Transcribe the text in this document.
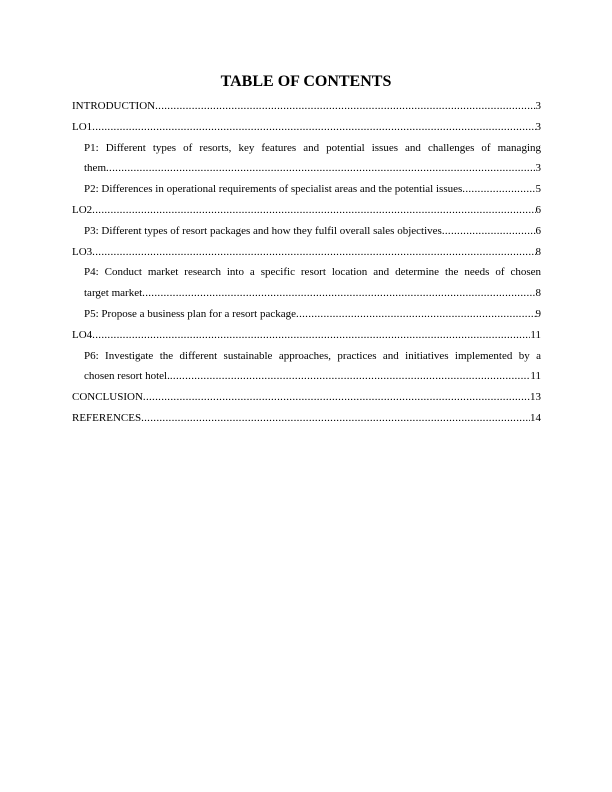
TABLE OF CONTENTS
INTRODUCTION .....	3
LO1 .....	3
P1: Different types of resorts, key features and potential issues and challenges of managing
them .....	3
P2: Differences in operational requirements of specialist areas and the potential issues .....	5
LO2 .....	6
P3: Different types of resort packages and how they fulfil overall sales objectives .....	6
LO3 .....	8
P4: Conduct market research into a specific resort location and determine the needs of chosen
target market .....	8
P5: Propose a business plan for a resort package .....	9
LO4 .....	11
P6: Investigate the different sustainable approaches, practices and initiatives implemented by a
chosen resort hotel. .....	11
CONCLUSION .....	13
REFERENCES .....	14
